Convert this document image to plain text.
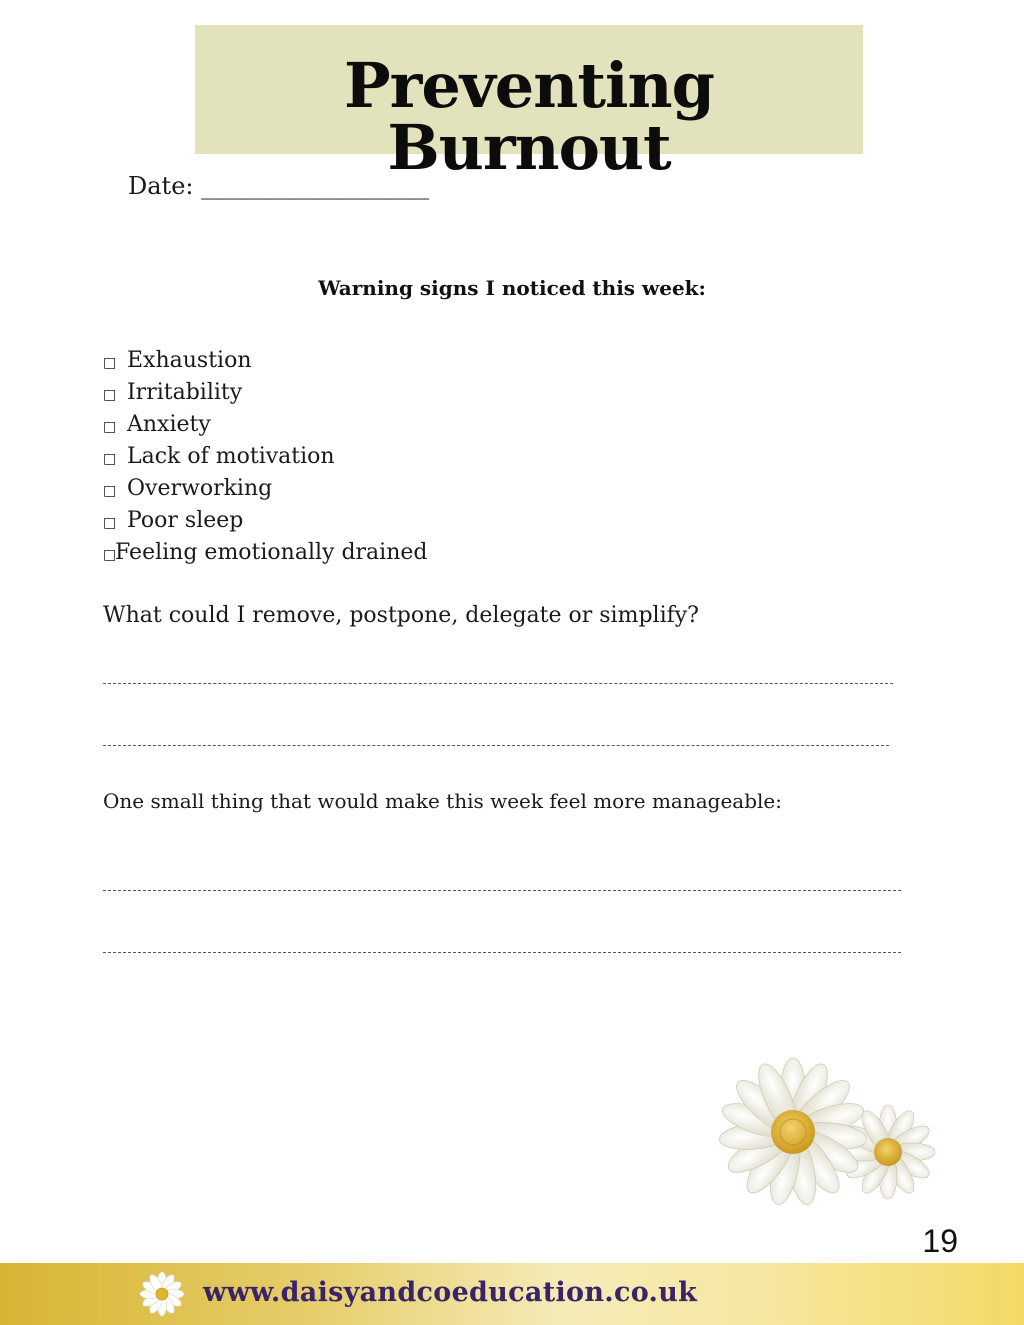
Preventing Burnout
Date: ___________________
Warning signs I noticed this week:
□ Exhaustion
□ Irritability
□ Anxiety
□ Lack of motivation
□ Overworking
□ Poor sleep
□Feeling emotionally drained
What could I remove, postpone, delegate or simplify?
One small thing that would make this week feel more manageable:
19
www.daisyandcoeducation.co.uk
